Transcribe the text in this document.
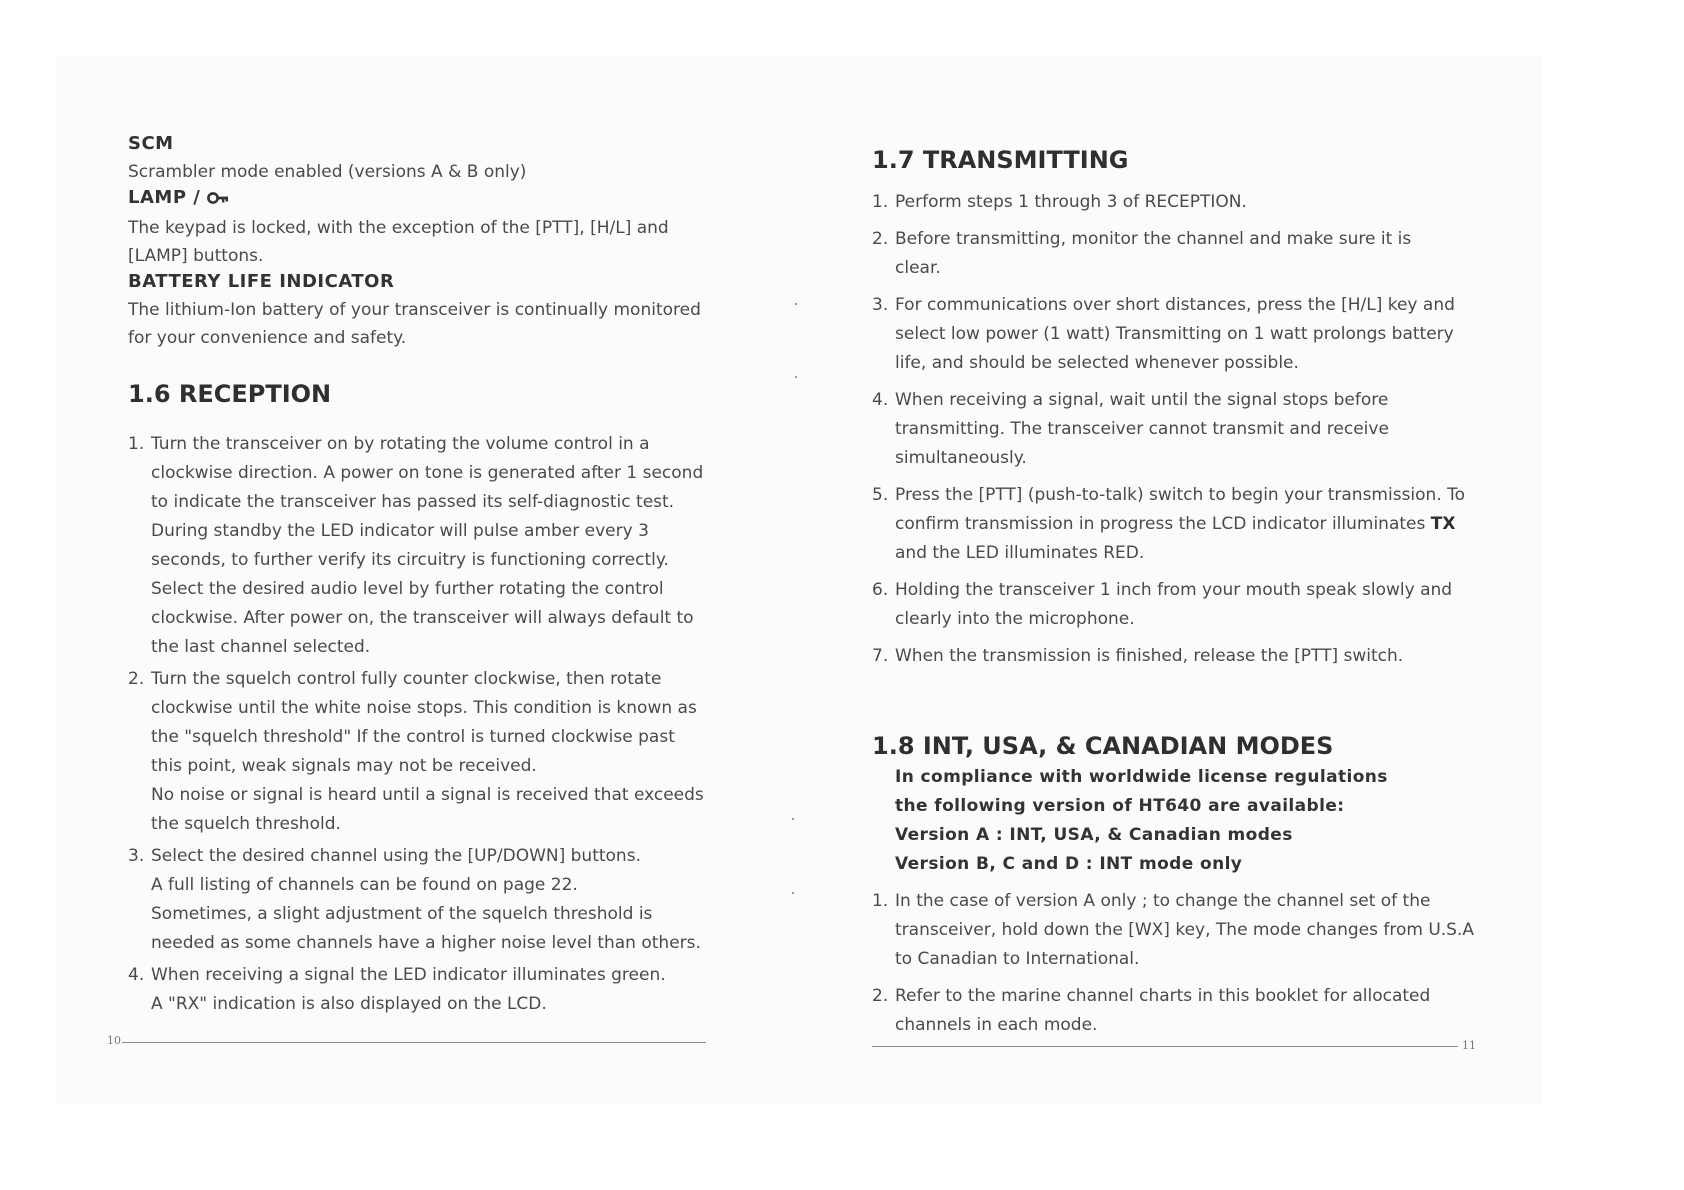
SCM

Scrambler mode enabled (versions A & B only)

LAMP /

The keypad is locked, with the exception of the [PTT], [H/L] and [LAMP] buttons.

BATTERY LIFE INDICATOR

The lithium-Ion battery of your transceiver is continually monitored for your convenience and safety.

1.6 RECEPTION
1. Turn the transceiver on by rotating the volume control in a clockwise direction. A power on tone is generated after 1 second to indicate the transceiver has passed its self-diagnostic test. During standby the LED indicator will pulse amber every 3 seconds, to further verify its circuitry is functioning correctly. Select the desired audio level by further rotating the control clockwise. After power on, the transceiver will always default to the last channel selected.
2. Turn the squelch control fully counter clockwise, then rotate clockwise until the white noise stops. This condition is known as the "squelch threshold" If the control is turned clockwise past this point, weak signals may not be received.
No noise or signal is heard until a signal is received that exceeds the squelch threshold.
3. Select the desired channel using the [UP/DOWN] buttons.
A full listing of channels can be found on page 22.
Sometimes, a slight adjustment of the squelch threshold is needed as some channels have a higher noise level than others.
4. When receiving a signal the LED indicator illuminates green.
A "RX" indication is also displayed on the LCD.
10
1.7 TRANSMITTING
1. Perform steps 1 through 3 of RECEPTION.
2. Before transmitting, monitor the channel and make sure it is clear.
3. For communications over short distances, press the [H/L] key and select low power (1 watt) Transmitting on 1 watt prolongs battery life, and should be selected whenever possible.
4. When receiving a signal, wait until the signal stops before transmitting. The transceiver cannot transmit and receive simultaneously.
5. Press the [PTT] (push-to-talk) switch to begin your transmission. To confirm transmission in progress the LCD indicator illuminates TX and the LED illuminates RED.
6. Holding the transceiver 1 inch from your mouth speak slowly and clearly into the microphone.
7. When the transmission is finished, release the [PTT] switch.
1.8 INT, USA, & CANADIAN MODES

In compliance with worldwide license regulations

the following version of HT640 are available:

Version A : INT, USA, & Canadian modes

Version B, C and D : INT mode only

1. In the case of version A only ; to change the channel set of the transceiver, hold down the [WX] key, The mode changes from U.S.A to Canadian to International.
2. Refer to the marine channel charts in this booklet for allocated channels in each mode.
11
